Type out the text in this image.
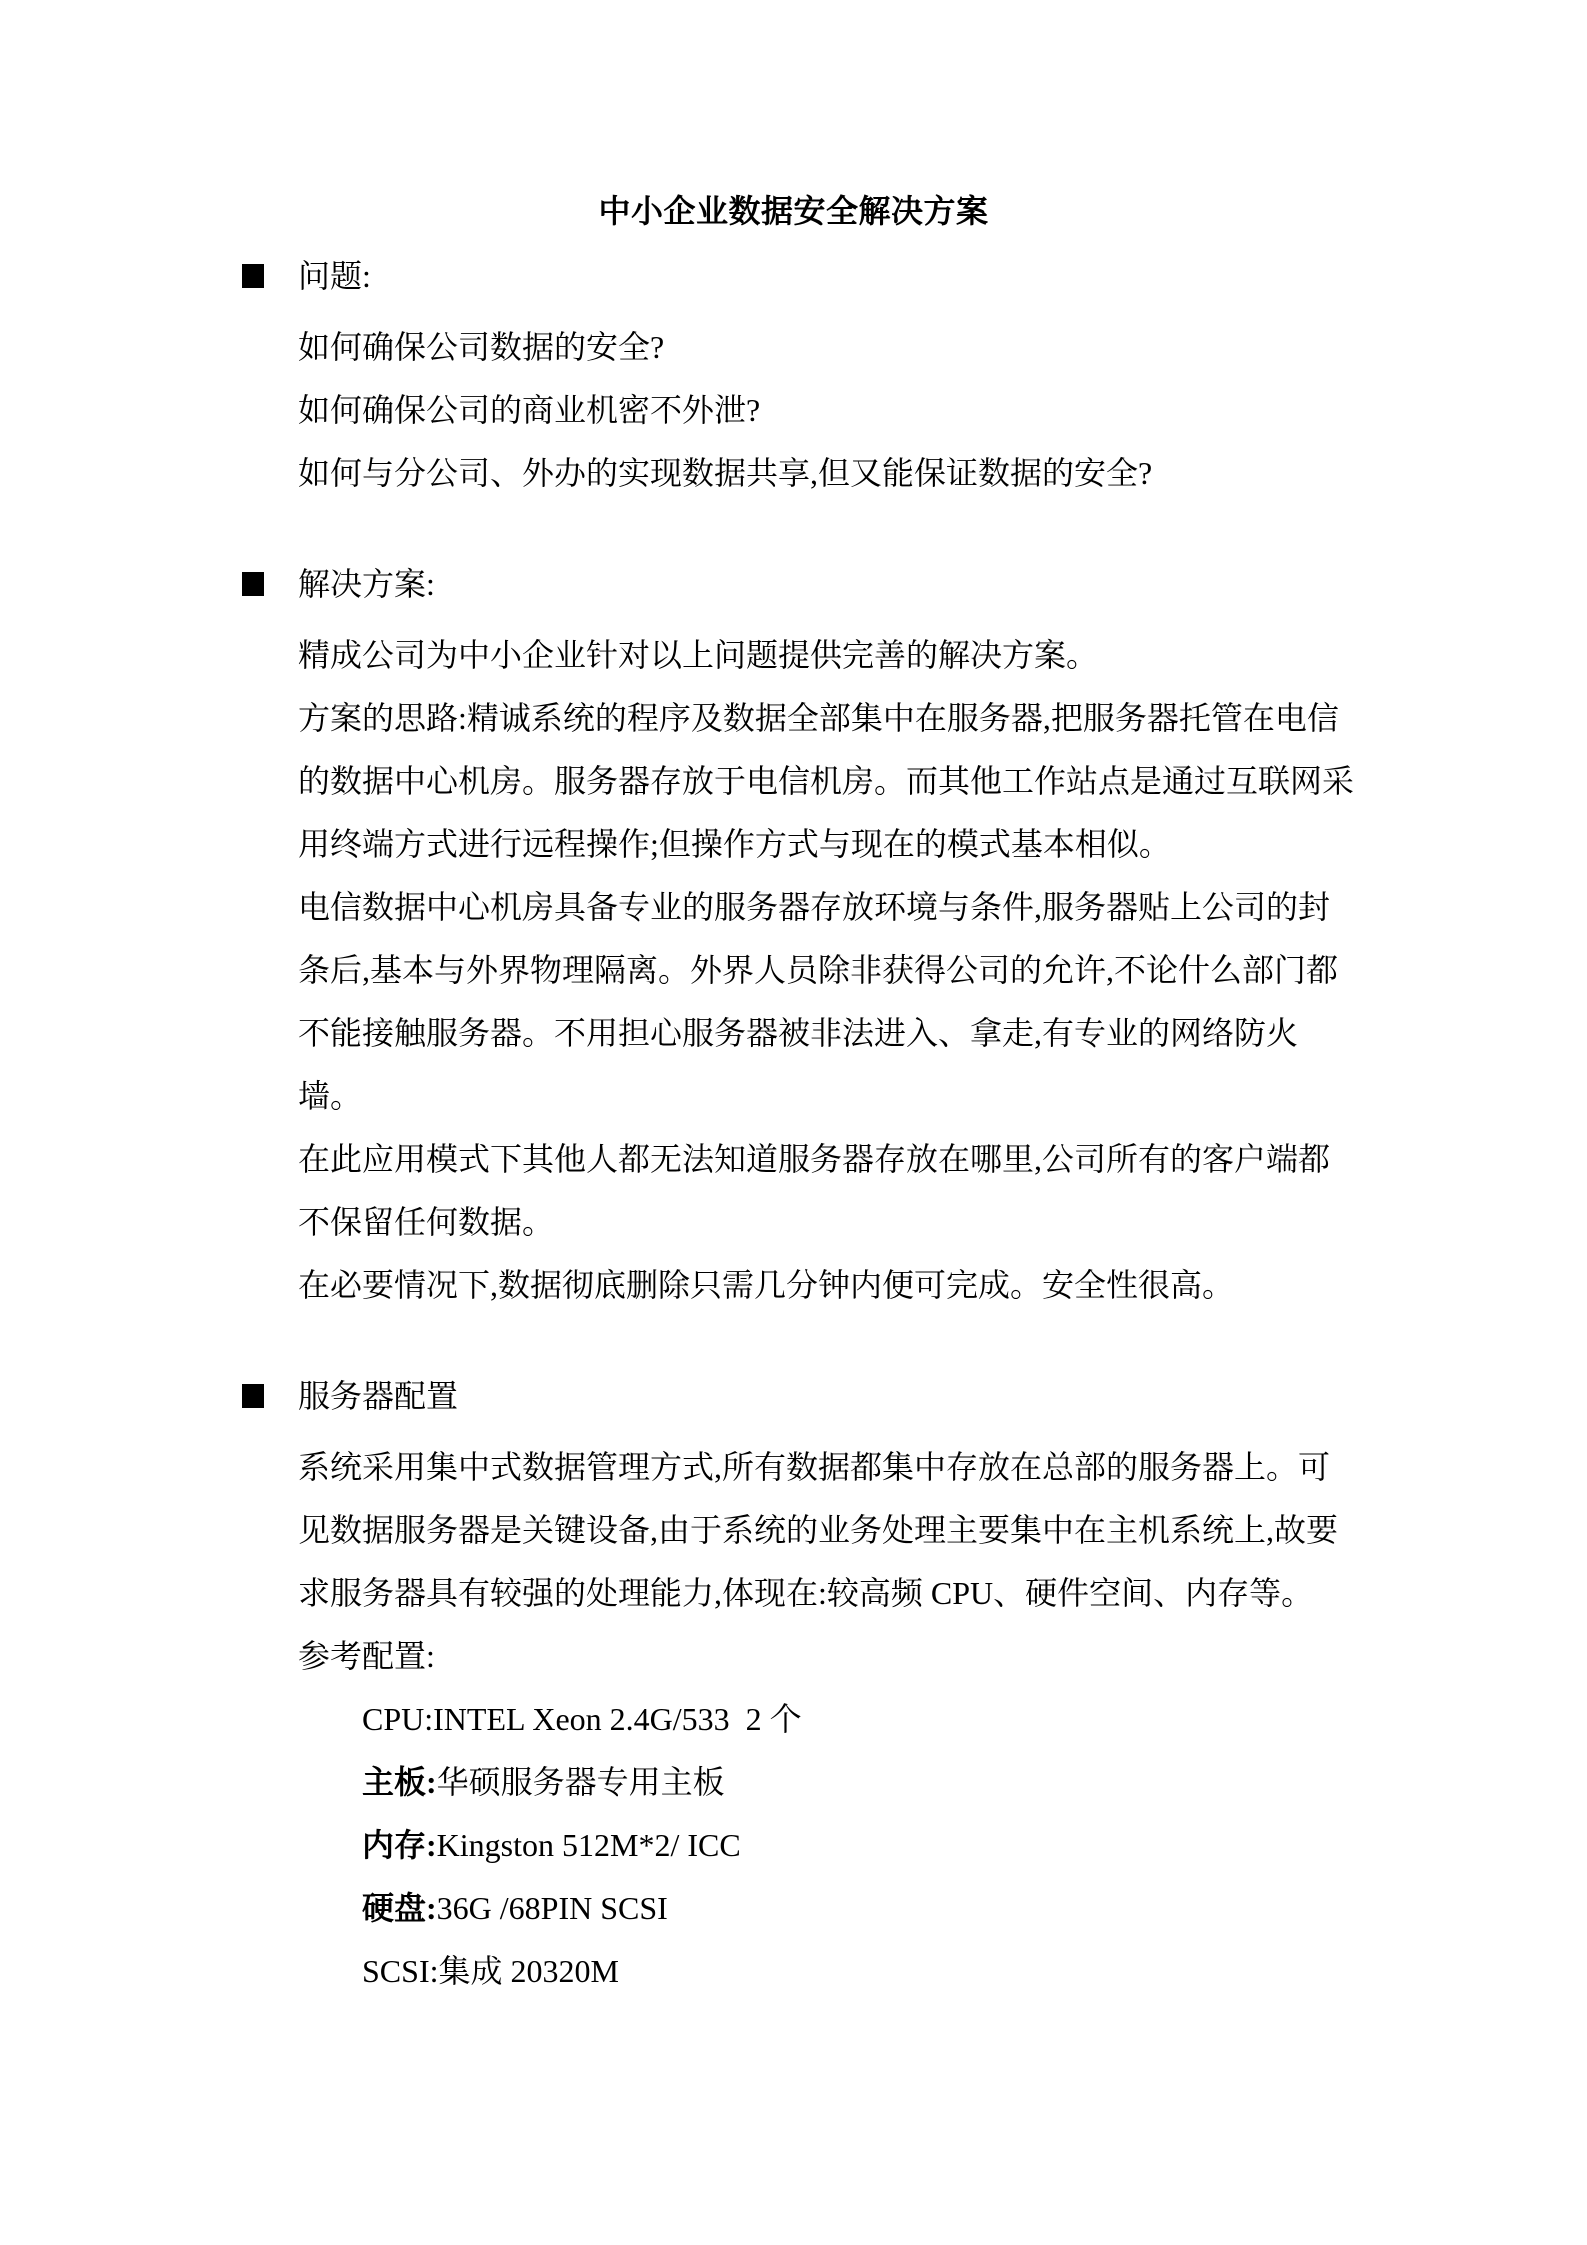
中小企业数据安全解决方案
问题:

如何确保公司数据的安全?

如何确保公司的商业机密不外泄?

如何与分公司、外办的实现数据共享,但又能保证数据的安全?

解决方案:

精成公司为中小企业针对以上问题提供完善的解决方案。

方案的思路:精诚系统的程序及数据全部集中在服务器,把服务器托管在电信的数据中心机房。服务器存放于电信机房。而其他工作站点是通过互联网采用终端方式进行远程操作;但操作方式与现在的模式基本相似。

电信数据中心机房具备专业的服务器存放环境与条件,服务器贴上公司的封条后,基本与外界物理隔离。外界人员除非获得公司的允许,不论什么部门都不能接触服务器。不用担心服务器被非法进入、拿走,有专业的网络防火墙。

在此应用模式下其他人都无法知道服务器存放在哪里,公司所有的客户端都不保留任何数据。

在必要情况下,数据彻底删除只需几分钟内便可完成。安全性很高。

服务器配置

系统采用集中式数据管理方式,所有数据都集中存放在总部的服务器上。可见数据服务器是关键设备,由于系统的业务处理主要集中在主机系统上,故要求服务器具有较强的处理能力,体现在:较高频 CPU、硬件空间、内存等。

参考配置:

CPU:INTEL Xeon 2.4G/533  2 个
主板:华硕服务器专用主板
内存:Kingston 512M*2/ ICC
硬盘:36G /68PIN SCSI
SCSI:集成 20320M
